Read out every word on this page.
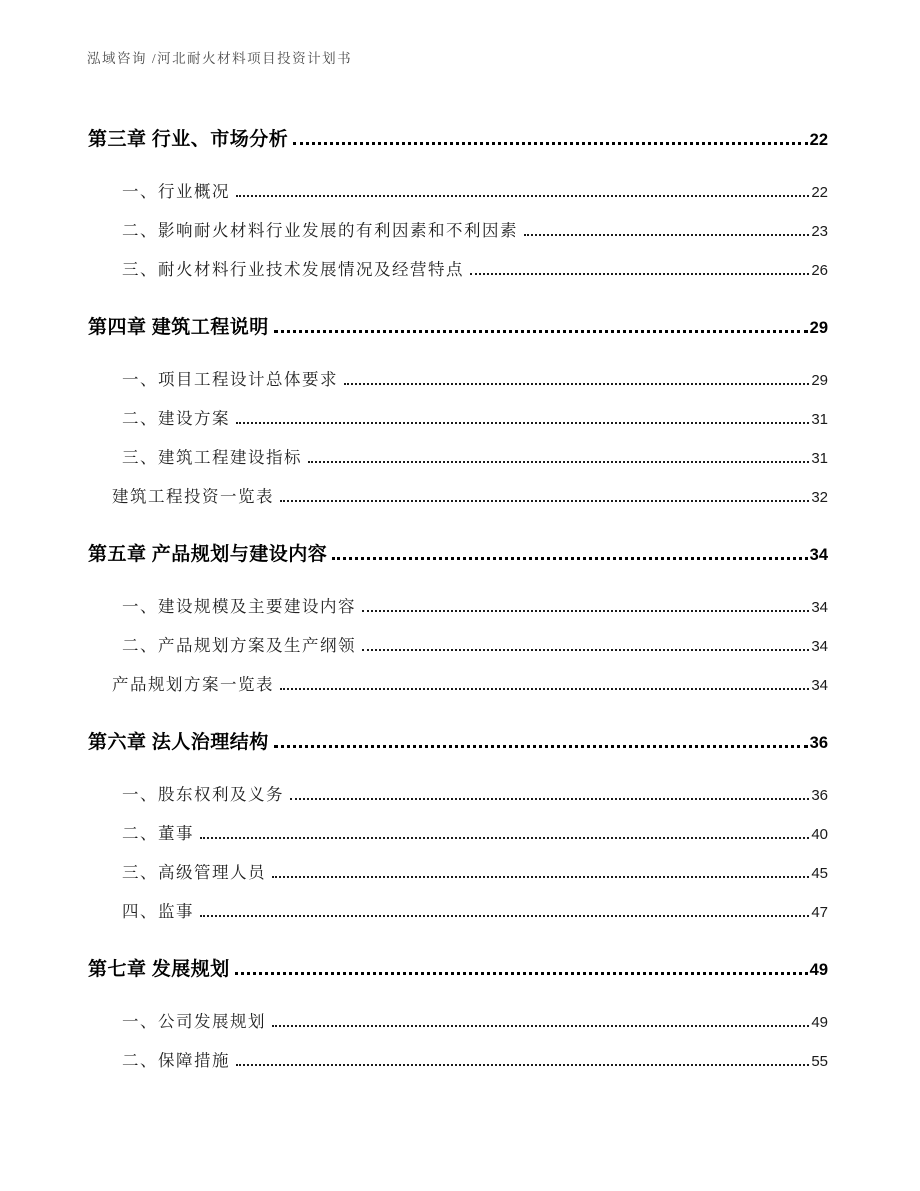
泓域咨询 /河北耐火材料项目投资计划书
第三章 行业、市场分析	22
一、行业概况	22
二、影响耐火材料行业发展的有利因素和不利因素	23
三、耐火材料行业技术发展情况及经营特点	26
第四章 建筑工程说明	29
一、项目工程设计总体要求	29
二、建设方案	31
三、建筑工程建设指标	31
建筑工程投资一览表	32
第五章 产品规划与建设内容	34
一、建设规模及主要建设内容	34
二、产品规划方案及生产纲领	34
产品规划方案一览表	34
第六章 法人治理结构	36
一、股东权利及义务	36
二、董事	40
三、高级管理人员	45
四、监事	47
第七章 发展规划	49
一、公司发展规划	49
二、保障措施	55
